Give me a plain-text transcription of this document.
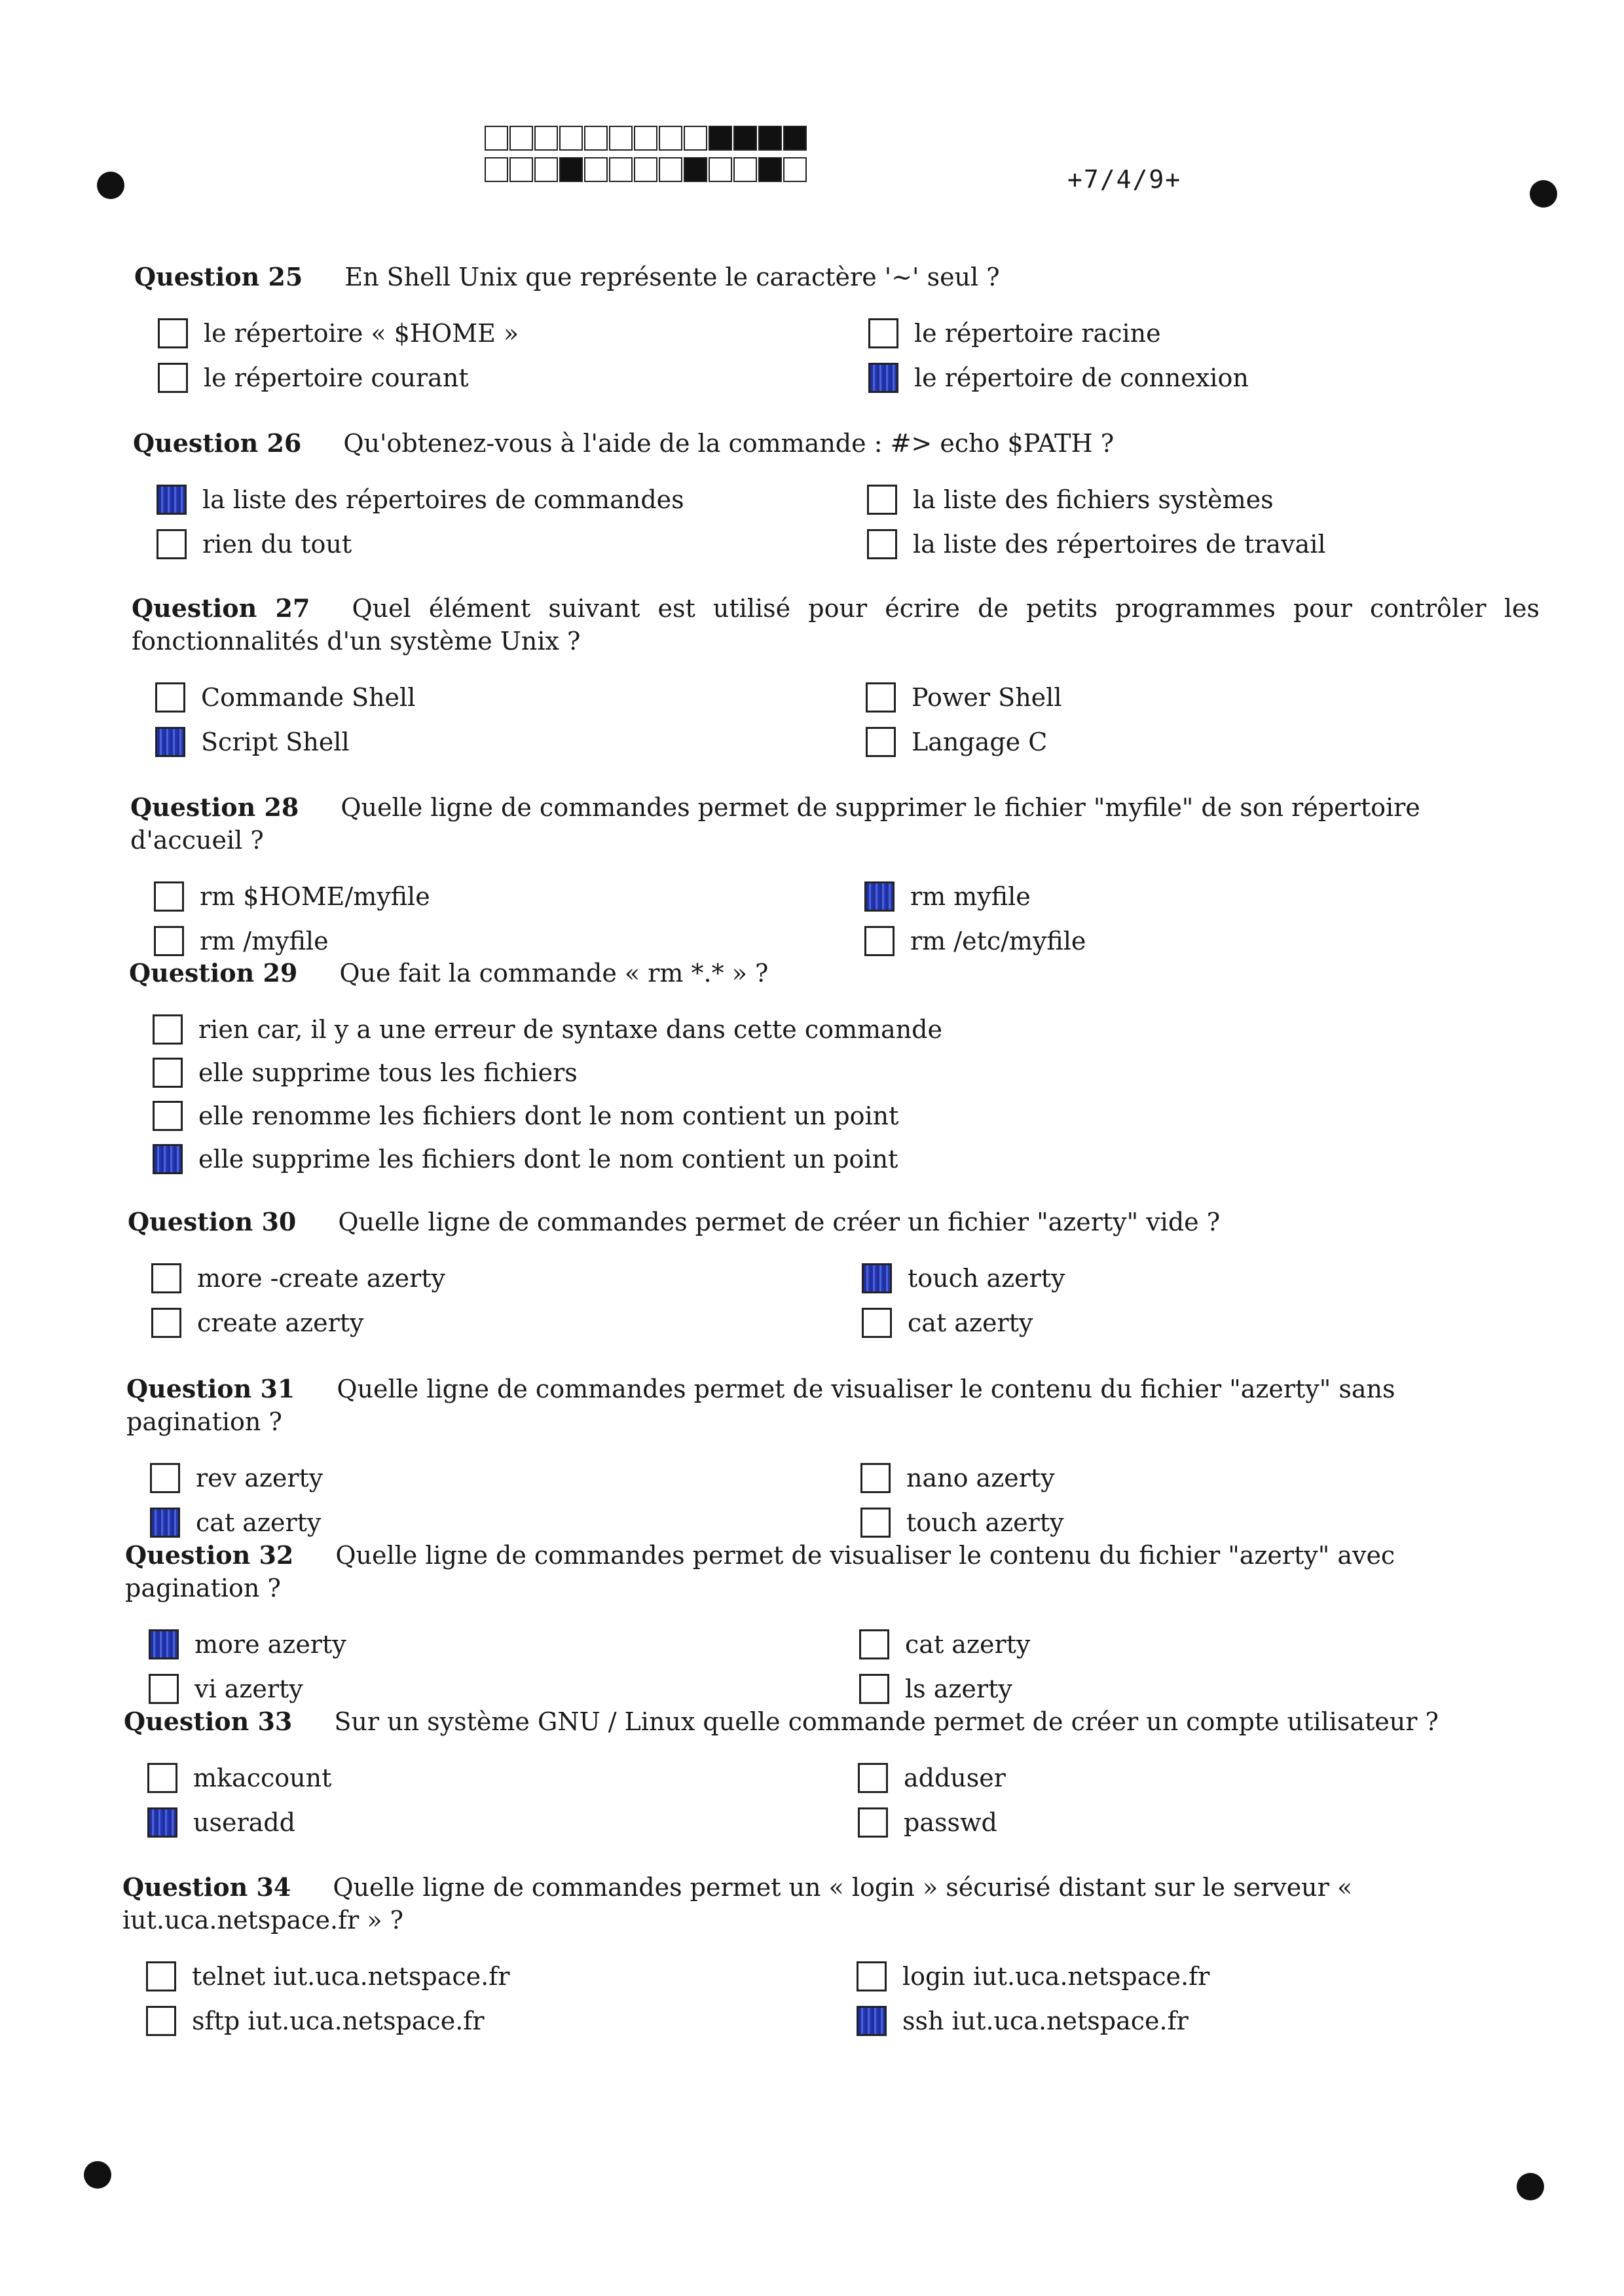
+7/4/9+
Question 25 En Shell Unix que représente le caractère '~' seul ?
le répertoire « $HOME »	le répertoire racine
le répertoire courant	le répertoire de connexion
Question 26 Qu'obtenez-vous à l'aide de la commande : #> echo $PATH ?
la liste des répertoires de commandes	la liste des fichiers systèmes
rien du tout	la liste des répertoires de travail
Question 27 Quel élément suivant est utilisé pour écrire de petits programmes pour contrôler les fonctionnalités d'un système Unix ?
Commande Shell	Power Shell
Script Shell	Langage C
Question 28 Quelle ligne de commandes permet de supprimer le fichier "myfile" de son répertoire d'accueil ?
rm $HOME/myfile	rm myfile
rm /myfile	rm /etc/myfile
Question 29 Que fait la commande « rm *.* » ?
rien car, il y a une erreur de syntaxe dans cette commande
elle supprime tous les fichiers
elle renomme les fichiers dont le nom contient un point
elle supprime les fichiers dont le nom contient un point
Question 30 Quelle ligne de commandes permet de créer un fichier "azerty" vide ?
more -create azerty	touch azerty
create azerty	cat azerty
Question 31 Quelle ligne de commandes permet de visualiser le contenu du fichier "azerty" sans pagination ?
rev azerty	nano azerty
cat azerty	touch azerty
Question 32 Quelle ligne de commandes permet de visualiser le contenu du fichier "azerty" avec pagination ?
more azerty	cat azerty
vi azerty	ls azerty
Question 33 Sur un système GNU / Linux quelle commande permet de créer un compte utilisateur ?
mkaccount	adduser
useradd	passwd
Question 34 Quelle ligne de commandes permet un « login » sécurisé distant sur le serveur « iut.uca.netspace.fr » ?
telnet iut.uca.netspace.fr	login iut.uca.netspace.fr
sftp iut.uca.netspace.fr	ssh iut.uca.netspace.fr
